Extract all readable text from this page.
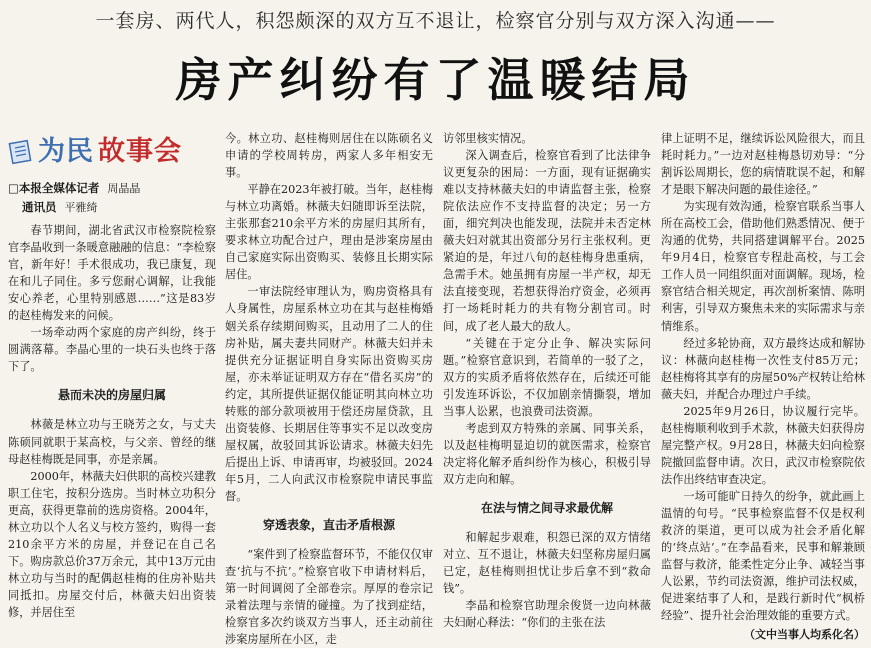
一套房、两代人，积怨颇深的双方互不退让，检察官分别与双方深入沟通——
房产纠纷有了温暖结局
为民 故事会
□本报全媒体记者 周晶晶
通讯员 平雅绮

春节期间，湖北省武汉市检察院检察官李晶收到一条暖意融融的信息：“李检察官，新年好！手术很成功，我已康复，现在和儿子同住。多亏您耐心调解，让我能安心养老，心里特别感恩……”这是83岁的赵桂梅发来的问候。

一场牵动两个家庭的房产纠纷，终于圆满落幕。李晶心里的一块石头也终于落下了。

悬而未决的房屋归属

林薇是林立功与王晓芳之女，与丈夫陈硕同就职于某高校，与父亲、曾经的继母赵桂梅既是同事，亦是亲属。

2000年，林薇夫妇供职的高校兴建教职工住宅，按积分选房。当时林立功积分更高，获得更靠前的选房资格。2004年，林立功以个人名义与校方签约，购得一套210余平方米的房屋，并登记在自己名下。购房款总价37万余元，其中13万元由林立功与当时的配偶赵桂梅的住房补贴共同抵扣。房屋交付后，林薇夫妇出资装修，并居住至

今。林立功、赵桂梅则居住在以陈硕名义申请的学校周转房，两家人多年相安无事。

平静在2023年被打破。当年，赵桂梅与林立功离婚。林薇夫妇随即诉至法院，主张那套210余平方米的房屋归其所有，要求林立功配合过户，理由是涉案房屋由自己家庭实际出资购买、装修且长期实际居住。

一审法院经审理认为，购房资格具有人身属性，房屋系林立功在其与赵桂梅婚姻关系存续期间购买，且动用了二人的住房补贴，属夫妻共同财产。林薇夫妇并未提供充分证据证明自身实际出资购买房屋，亦未举证证明双方存在“借名买房”的约定，其所提供证据仅能证明其向林立功转账的部分款项被用于偿还房屋贷款，且出资装修、长期居住等事实不足以改变房屋权属，故驳回其诉讼请求。林薇夫妇先后提出上诉、申请再审，均被驳回。2024年5月，二人向武汉市检察院申请民事监督。

穿透表象，直击矛盾根源

“案件到了检察监督环节，不能仅仅审查‘抗与不抗’。”检察官收下申请材料后，第一时间调阅了全部卷宗。厚厚的卷宗记录着法理与亲情的碰撞。为了找到症结，检察官多次约谈双方当事人，还主动前往涉案房屋所在小区，走

访邻里核实情况。

深入调查后，检察官看到了比法律争议更复杂的困局：一方面，现有证据确实难以支持林薇夫妇的申请监督主张，检察院依法应作不支持监督的决定；另一方面，细究判决也能发现，法院并未否定林薇夫妇对就其出资部分另行主张权利。更紧迫的是，年过八旬的赵桂梅身患重病，急需手术。她虽拥有房屋一半产权，却无法直接变现，若想获得治疗资金，必须再打一场耗时耗力的共有物分割官司。时间，成了老人最大的敌人。

“关键在于定分止争、解决实际问题。”检察官意识到，若简单的一驳了之，双方的实质矛盾将依然存在，后续还可能引发连环诉讼，不仅加剧亲情撕裂，增加当事人讼累，也浪费司法资源。

考虑到双方特殊的亲属、同事关系，以及赵桂梅明显迫切的就医需求，检察官决定将化解矛盾纠纷作为核心，积极引导双方走向和解。

在法与情之间寻求最优解

和解起步艰难，积怨已深的双方情绪对立、互不退让，林薇夫妇坚称房屋归属已定，赵桂梅则担忧让步后拿不到“救命钱”。

李晶和检察官助理余俊贤一边向林薇夫妇耐心释法：“你们的主张在法

律上证明不足，继续诉讼风险很大，而且耗时耗力。”一边对赵桂梅恳切劝导：“分割诉讼周期长，您的病情耽误不起，和解才是眼下解决问题的最佳途径。”

为实现有效沟通，检察官联系当事人所在高校工会，借助他们熟悉情况、便于沟通的优势，共同搭建调解平台。2025年9月4日，检察官专程赴高校，与工会工作人员一同组织面对面调解。现场，检察官结合相关规定，再次剖析案情、陈明利害，引导双方聚焦未来的实际需求与亲情维系。

经过多轮协商，双方最终达成和解协议：林薇向赵桂梅一次性支付85万元；赵桂梅将其享有的房屋50%产权转让给林薇夫妇，并配合办理过户手续。

2025年9月26日，协议履行完毕。赵桂梅顺利收到手术款，林薇夫妇获得房屋完整产权。9月28日，林薇夫妇向检察院撤回监督申请。次日，武汉市检察院依法作出终结审查决定。

一场可能旷日持久的纷争，就此画上温情的句号。“民事检察监督不仅是权利救济的渠道，更可以成为社会矛盾化解的‘终点站’。”在李晶看来，民事和解兼顾监督与救济，能柔性定分止争、减轻当事人讼累，节约司法资源，维护司法权威，促进案结事了人和，是践行新时代“枫桥经验”、提升社会治理效能的重要方式。

（文中当事人均系化名）
